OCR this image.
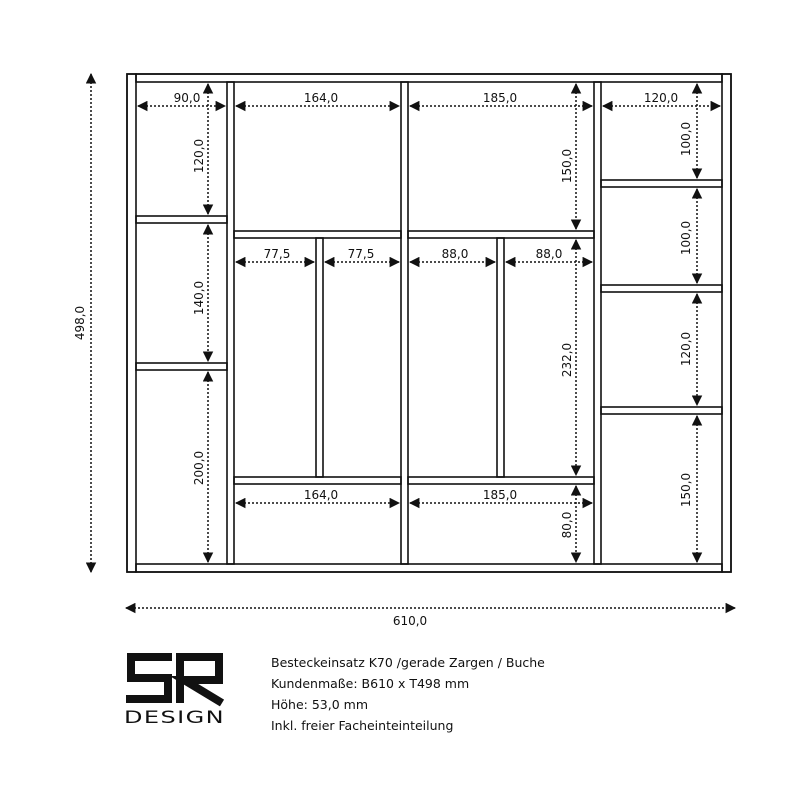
610,0
90,0	164,0	185,0	120,0
77,5	77,5	88,0	88,0
164,0	185,0
498,0
120,0
140,0
200,0
150,0
232,0
80,0
100,0
100,0
120,0
150,0
DESIGN
Besteckeinsatz K70 /gerade Zargen / Buche
Kundenmaße: B610 x T498 mm
Höhe: 53,0 mm
Inkl. freier Facheinteinteilung
